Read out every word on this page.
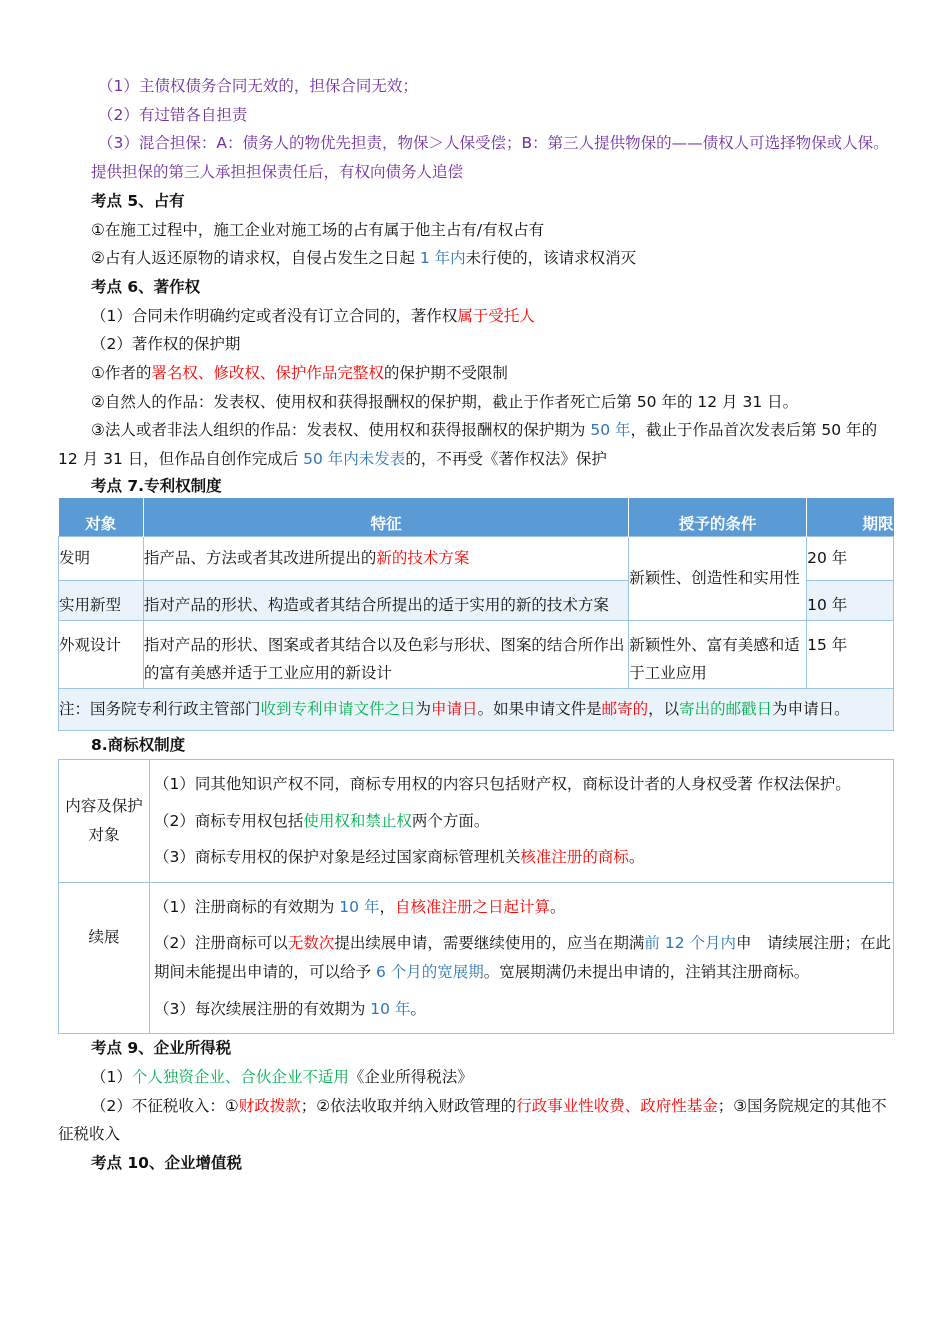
（1）主债权债务合同无效的，担保合同无效；

（2）有过错各自担责

（3）混合担保：A：债务人的物优先担责，物保＞人保受偿；B：第三人提供物保的——债权人可选择物保或人保。

提供担保的第三人承担担保责任后，有权向债务人追偿

考点 5、占有

①在施工过程中，施工企业对施工场的占有属于他主占有/有权占有

②占有人返还原物的请求权，自侵占发生之日起 1 年内未行使的，该请求权消灭

考点 6、著作权

（1）合同未作明确约定或者没有订立合同的，著作权属于受托人

（2）著作权的保护期

①作者的署名权、修改权、保护作品完整权的保护期不受限制

②自然人的作品：发表权、使用权和获得报酬权的保护期，截止于作者死亡后第 50 年的 12 月 31 日。

③法人或者非法人组织的作品：发表权、使用权和获得报酬权的保护期为 50 年，截止于作品首次发表后第 50 年的 12 月 31 日，但作品自创作完成后 50 年内未发表的，不再受《著作权法》保护

考点 7.专利权制度

对象	特征	授予的条件	期限
发明	指产品、方法或者其改进所提出的新的技术方案	新颖性、创造性和实用性	20 年
实用新型	指对产品的形状、构造或者其结合所提出的适于实用的新的技术方案		10 年
外观设计	指对产品的形状、图案或者其结合以及色彩与形状、图案的结合所作出的富有美感并适于工业应用的新设计	新颖性外、富有美感和适于工业应用	15 年
注：国务院专利行政主管部门收到专利申请文件之日为申请日。如果申请文件是邮寄的，以寄出的邮戳日为申请日。			

8.商标权制度

内容及保护对象	（1）同其他知识产权不同，商标专用权的内容只包括财产权，商标设计者的人身权受著 作权法保护。

（2）商标专用权包括使用权和禁止权两个方面。

（3）商标专用权的保护对象是经过国家商标管理机关核准注册的商标。

续展	（1）注册商标的有效期为 10 年，自核准注册之日起计算。

（2）注册商标可以无数次提出续展申请，需要继续使用的，应当在期满前 12 个月内申　请续展注册；在此期间未能提出申请的，可以给予 6 个月的宽展期。宽展期满仍未提出申请的，注销其注册商标。

（3）每次续展注册的有效期为 10 年。

考点 9、企业所得税

（1）个人独资企业、合伙企业不适用《企业所得税法》

（2）不征税收入：①财政拨款；②依法收取并纳入财政管理的行政事业性收费、政府性基金；③国务院规定的其他不征税收入

考点 10、企业增值税
